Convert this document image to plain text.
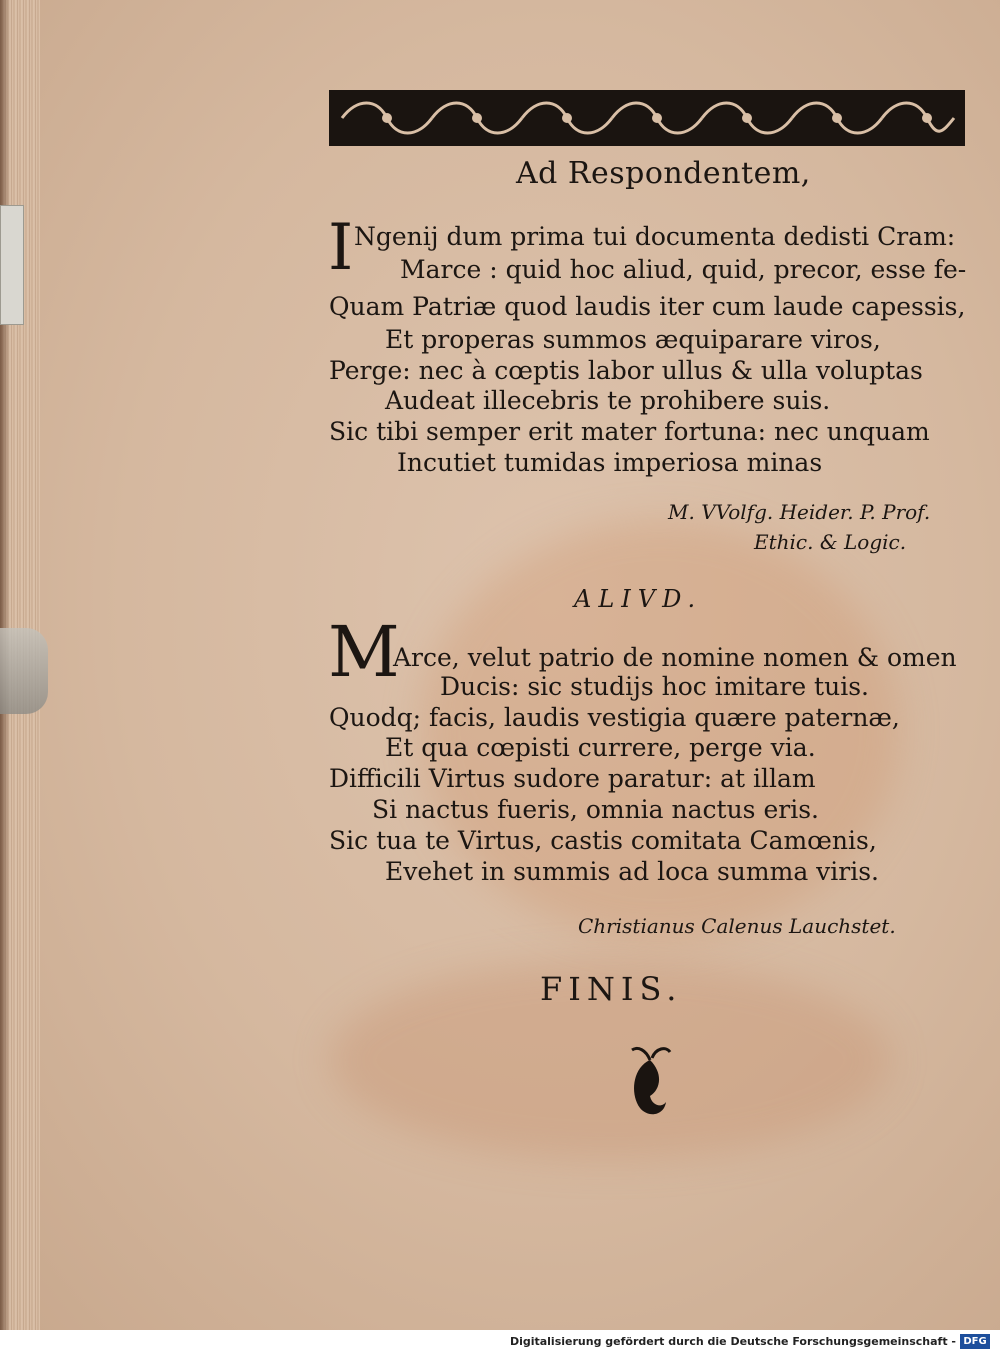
Ad Respondentem,
I Ngenij dum prima tui documenta dedisti Cram:
Marce : quid hoc aliud, quid, precor, esse fe-
Quam Patriæ quod laudis iter cum laude capessis,
Et properas summos æquiparare viros,
Perge: nec à cœptis labor ullus & ulla voluptas
Audeat illecebris te prohibere suis.
Sic tibi semper erit mater fortuna: nec unquam
Incutiet tumidas imperiosa minas
M. VVolfg. Heider. P. Prof.
Ethic. & Logic.
ALIVD.
M
Arce, velut patrio de nomine nomen & omen
Ducis: sic studijs hoc imitare tuis.
Quodq; facis, laudis vestigia quære paternæ,
Et qua cœpisti currere, perge via.
Difficili Virtus sudore paratur: at illam
Si nactus fueris, omnia nactus eris.
Sic tua te Virtus, castis comitata Camœnis,
Evehet in summis ad loca summa viris.
Christianus Calenus Lauchstet.
FINIS.
Digitalisierung gefördert durch die Deutsche Forschungsgemeinschaft - DFG
